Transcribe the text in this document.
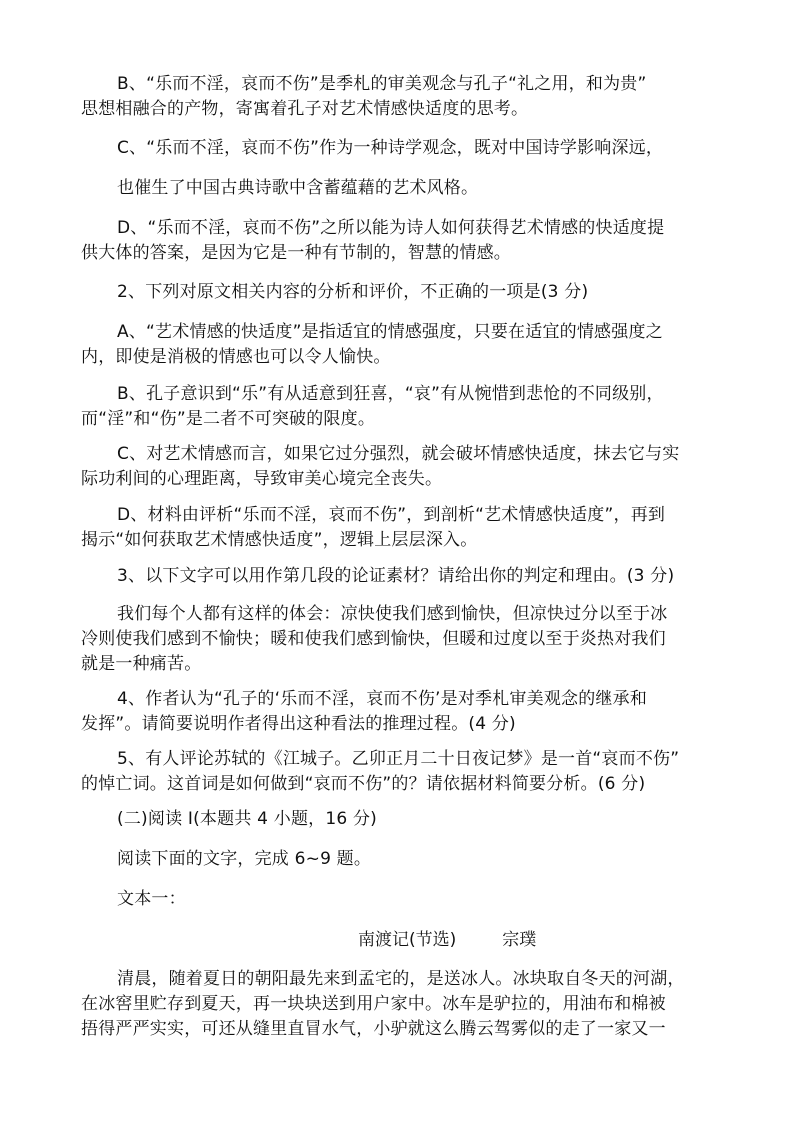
B、“乐而不淫，哀而不伤”是季札的审美观念与孔子“礼之用，和为贵”
思想相融合的产物，寄寓着孔子对艺术情感快适度的思考。
C、“乐而不淫，哀而不伤”作为一种诗学观念，既对中国诗学影响深远，
也催生了中国古典诗歌中含蓄蕴藉的艺术风格。
D、“乐而不淫，哀而不伤”之所以能为诗人如何获得艺术情感的快适度提
供大体的答案，是因为它是一种有节制的，智慧的情感。
2、下列对原文相关内容的分析和评价，不正确的一项是(3 分)
A、“艺术情感的快适度”是指适宜的情感强度，只要在适宜的情感强度之
内，即使是消极的情感也可以令人愉快。
B、孔子意识到“乐”有从适意到狂喜，“哀”有从惋惜到悲怆的不同级别，
而“淫”和“伤”是二者不可突破的限度。
C、对艺术情感而言，如果它过分强烈，就会破坏情感快适度，抹去它与实
际功利间的心理距离，导致审美心境完全丧失。
D、材料由评析“乐而不淫，哀而不伤”，到剖析“艺术情感快适度”，再到
揭示“如何获取艺术情感快适度”，逻辑上层层深入。
3、以下文字可以用作第几段的论证素材？请给出你的判定和理由。(3 分)
我们每个人都有这样的体会：凉快使我们感到愉快，但凉快过分以至于冰
冷则使我们感到不愉快；暖和使我们感到愉快，但暖和过度以至于炎热对我们
就是一种痛苦。
4、作者认为“孔子的‘乐而不淫，哀而不伤’是对季札审美观念的继承和
发挥”。请简要说明作者得出这种看法的推理过程。(4 分)
5、有人评论苏轼的《江城子。乙卯正月二十日夜记梦》是一首“哀而不伤”
的悼亡词。这首词是如何做到“哀而不伤”的？请依据材料简要分析。(6 分)
(二)阅读 I(本题共 4 小题，16 分)
阅读下面的文字，完成 6~9 题。
文本一：
南渡记(节选)	宗璞
清晨，随着夏日的朝阳最先来到孟宅的，是送冰人。冰块取自冬天的河湖，
在冰窖里贮存到夏天，再一块块送到用户家中。冰车是驴拉的，用油布和棉被
捂得严严实实，可还从缝里直冒水气，小驴就这么腾云驾雾似的走了一家又一
